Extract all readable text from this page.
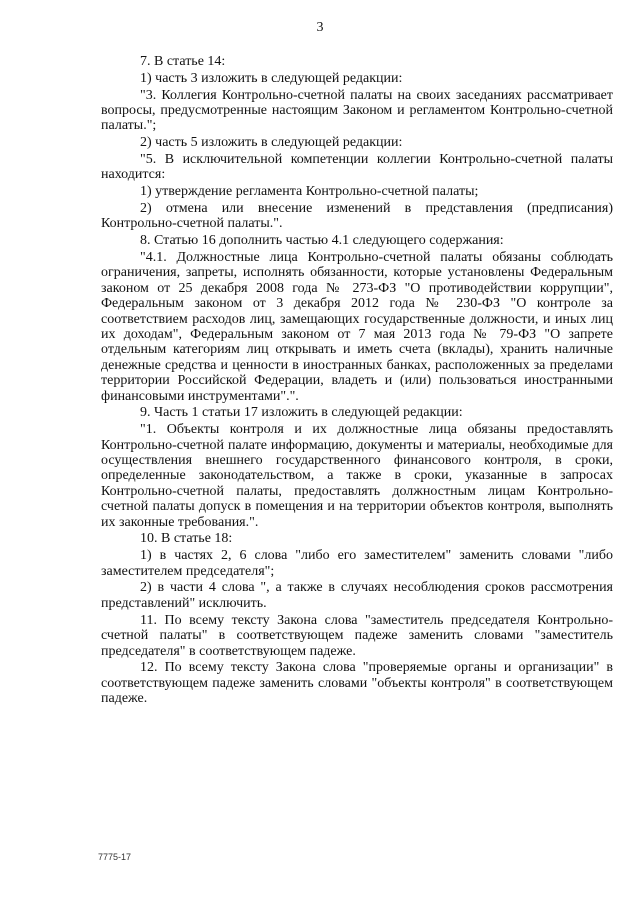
3

7. В статье 14:

1) часть 3 изложить в следующей редакции:

"3. Коллегия Контрольно-счетной палаты на своих заседаниях рассматривает вопросы, предусмотренные настоящим Законом и регламентом Контрольно-счетной палаты.";

2) часть 5 изложить в следующей редакции:

"5. В исключительной компетенции коллегии Контрольно-счетной палаты находится:

1) утверждение регламента Контрольно-счетной палаты;

2) отмена или внесение изменений в представления (предписания) Контрольно-счетной палаты.".

8. Статью 16 дополнить частью 4.1 следующего содержания:

"4.1. Должностные лица Контрольно-счетной палаты обязаны соблюдать ограничения, запреты, исполнять обязанности, которые установлены Федеральным законом от 25 декабря 2008 года № 273-ФЗ "О противодействии коррупции", Федеральным законом от 3 декабря 2012 года № 230-ФЗ "О контроле за соответствием расходов лиц, замещающих государственные должности, и иных лиц их доходам", Федеральным законом от 7 мая 2013 года № 79-ФЗ "О запрете отдельным категориям лиц открывать и иметь счета (вклады), хранить наличные денежные средства и ценности в иностранных банках, расположенных за пределами территории Российской Федерации, владеть и (или) пользоваться иностранными финансовыми инструментами".".

9. Часть 1 статьи 17 изложить в следующей редакции:

"1. Объекты контроля и их должностные лица обязаны предоставлять Контрольно-счетной палате информацию, документы и материалы, необходимые для осуществления внешнего государственного финансового контроля, в сроки, определенные законодательством, а также в сроки, указанные в запросах Контрольно-счетной палаты, предоставлять должностным лицам Контрольно-счетной палаты допуск в помещения и на территории объектов контроля, выполнять их законные требования.".

10. В статье 18:

1) в частях 2, 6 слова "либо его заместителем" заменить словами "либо заместителем председателя";

2) в части 4 слова ", а также в случаях несоблюдения сроков рассмотрения представлений" исключить.

11. По всему тексту Закона слова "заместитель председателя Контрольно-счетной палаты" в соответствующем падеже заменить словами "заместитель председателя" в соответствующем падеже.

12. По всему тексту Закона слова "проверяемые органы и организации" в соответствующем падеже заменить словами "объекты контроля" в соответствующем падеже.

7775-17
